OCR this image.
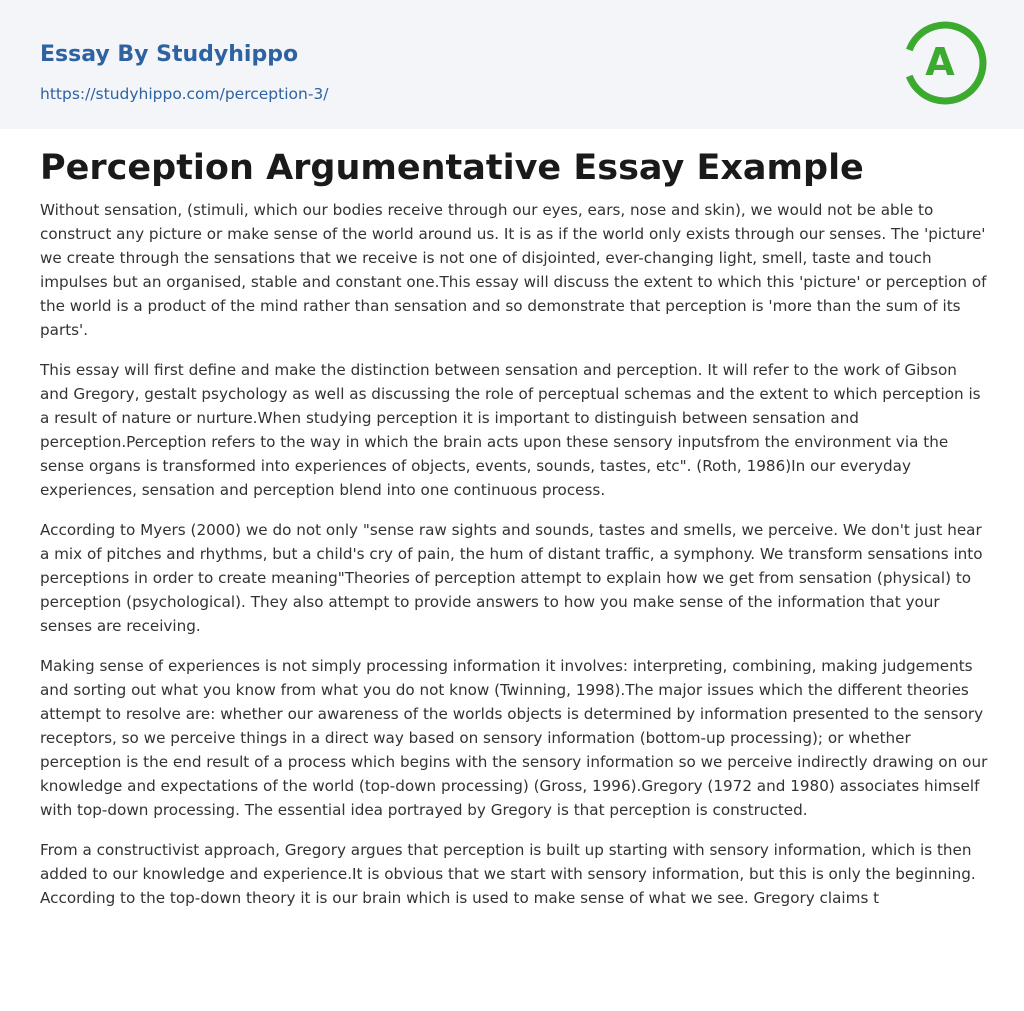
Essay By Studyhippo
https://studyhippo.com/perception-3/
A
Perception Argumentative Essay Example

Without sensation, (stimuli, which our bodies receive through our eyes, ears, nose and skin), we would not be able to construct any picture or make sense of the world around us. It is as if the world only exists through our senses. The 'picture' we create through the sensations that we receive is not one of disjointed, ever-changing light, smell, taste and touch impulses but an organised, stable and constant one.This essay will discuss the extent to which this 'picture' or perception of the world is a product of the mind rather than sensation and so demonstrate that perception is 'more than the sum of its parts'.

This essay will first define and make the distinction between sensation and perception. It will refer to the work of Gibson and Gregory, gestalt psychology as well as discussing the role of perceptual schemas and the extent to which perception is a result of nature or nurture.When studying perception it is important to distinguish between sensation and perception.Perception refers to the way in which the brain acts upon these sensory inputsfrom the environment via the sense organs is transformed into experiences of objects, events, sounds, tastes, etc". (Roth, 1986)In our everyday experiences, sensation and perception blend into one continuous process.

According to Myers (2000) we do not only "sense raw sights and sounds, tastes and smells, we perceive. We don't just hear a mix of pitches and rhythms, but a child's cry of pain, the hum of distant traffic, a symphony. We transform sensations into perceptions in order to create meaning"Theories of perception attempt to explain how we get from sensation (physical) to perception (psychological). They also attempt to provide answers to how you make sense of the information that your senses are receiving.

Making sense of experiences is not simply processing information it involves: interpreting, combining, making judgements and sorting out what you know from what you do not know (Twinning, 1998).The major issues which the different theories attempt to resolve are: whether our awareness of the worlds objects is determined by information presented to the sensory receptors, so we perceive things in a direct way based on sensory information (bottom-up processing); or whether perception is the end result of a process which begins with the sensory information so we perceive indirectly drawing on our knowledge and expectations of the world (top-down processing) (Gross, 1996).Gregory (1972 and 1980) associates himself with top-down processing. The essential idea portrayed by Gregory is that perception is constructed.

From a constructivist approach, Gregory argues that perception is built up starting with sensory information, which is then added to our knowledge and experience.It is obvious that we start with sensory information, but this is only the beginning. According to the top-down theory it is our brain which is used to make sense of what we see. Gregory claims t
